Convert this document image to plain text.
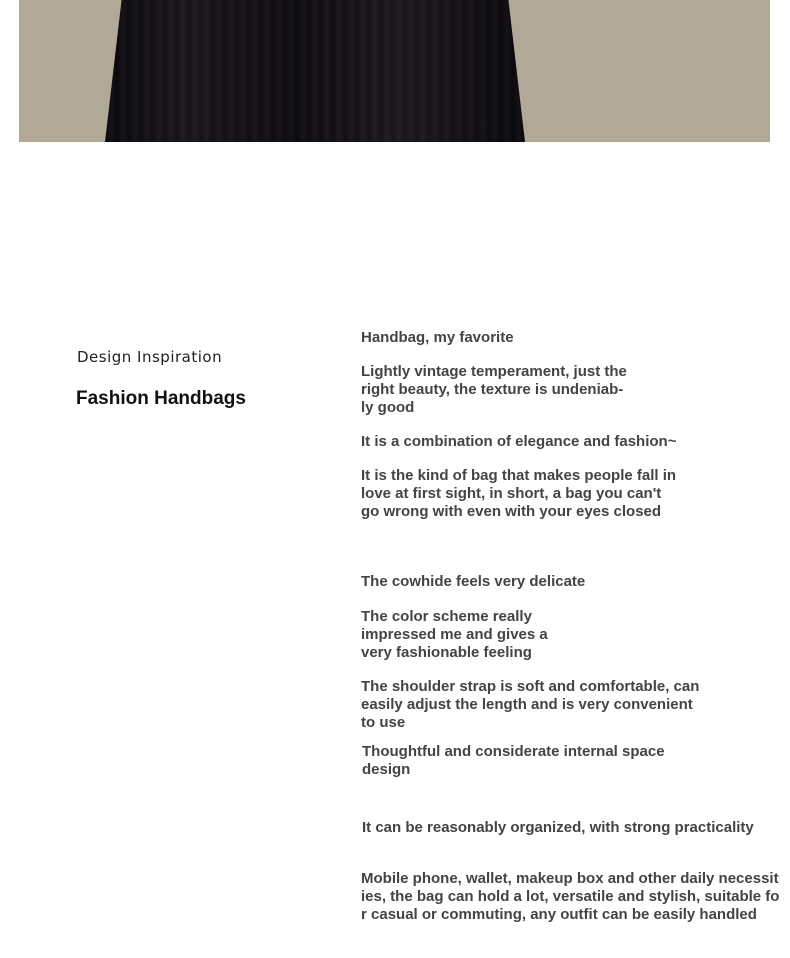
Design Inspiration
Fashion Handbags
Handbag, my favorite
Lightly vintage temperament, just the right beauty, the texture is undeniab-ly good
It is a combination of elegance and fashion~
It is the kind of bag that makes people fall in love at first sight, in short, a bag you can't go wrong with even with your eyes closed
The cowhide feels very delicate
The color scheme really impressed me and gives a very fashionable feeling
The shoulder strap is soft and comfortable, can easily adjust the length and is very convenient to use
Thoughtful and considerate internal space design
It can be reasonably organized, with strong practicality
Mobile phone, wallet, makeup box and other daily necessities, the bag can hold a lot, versatile and stylish, suitable for casual or commuting, any outfit can be easily handled
